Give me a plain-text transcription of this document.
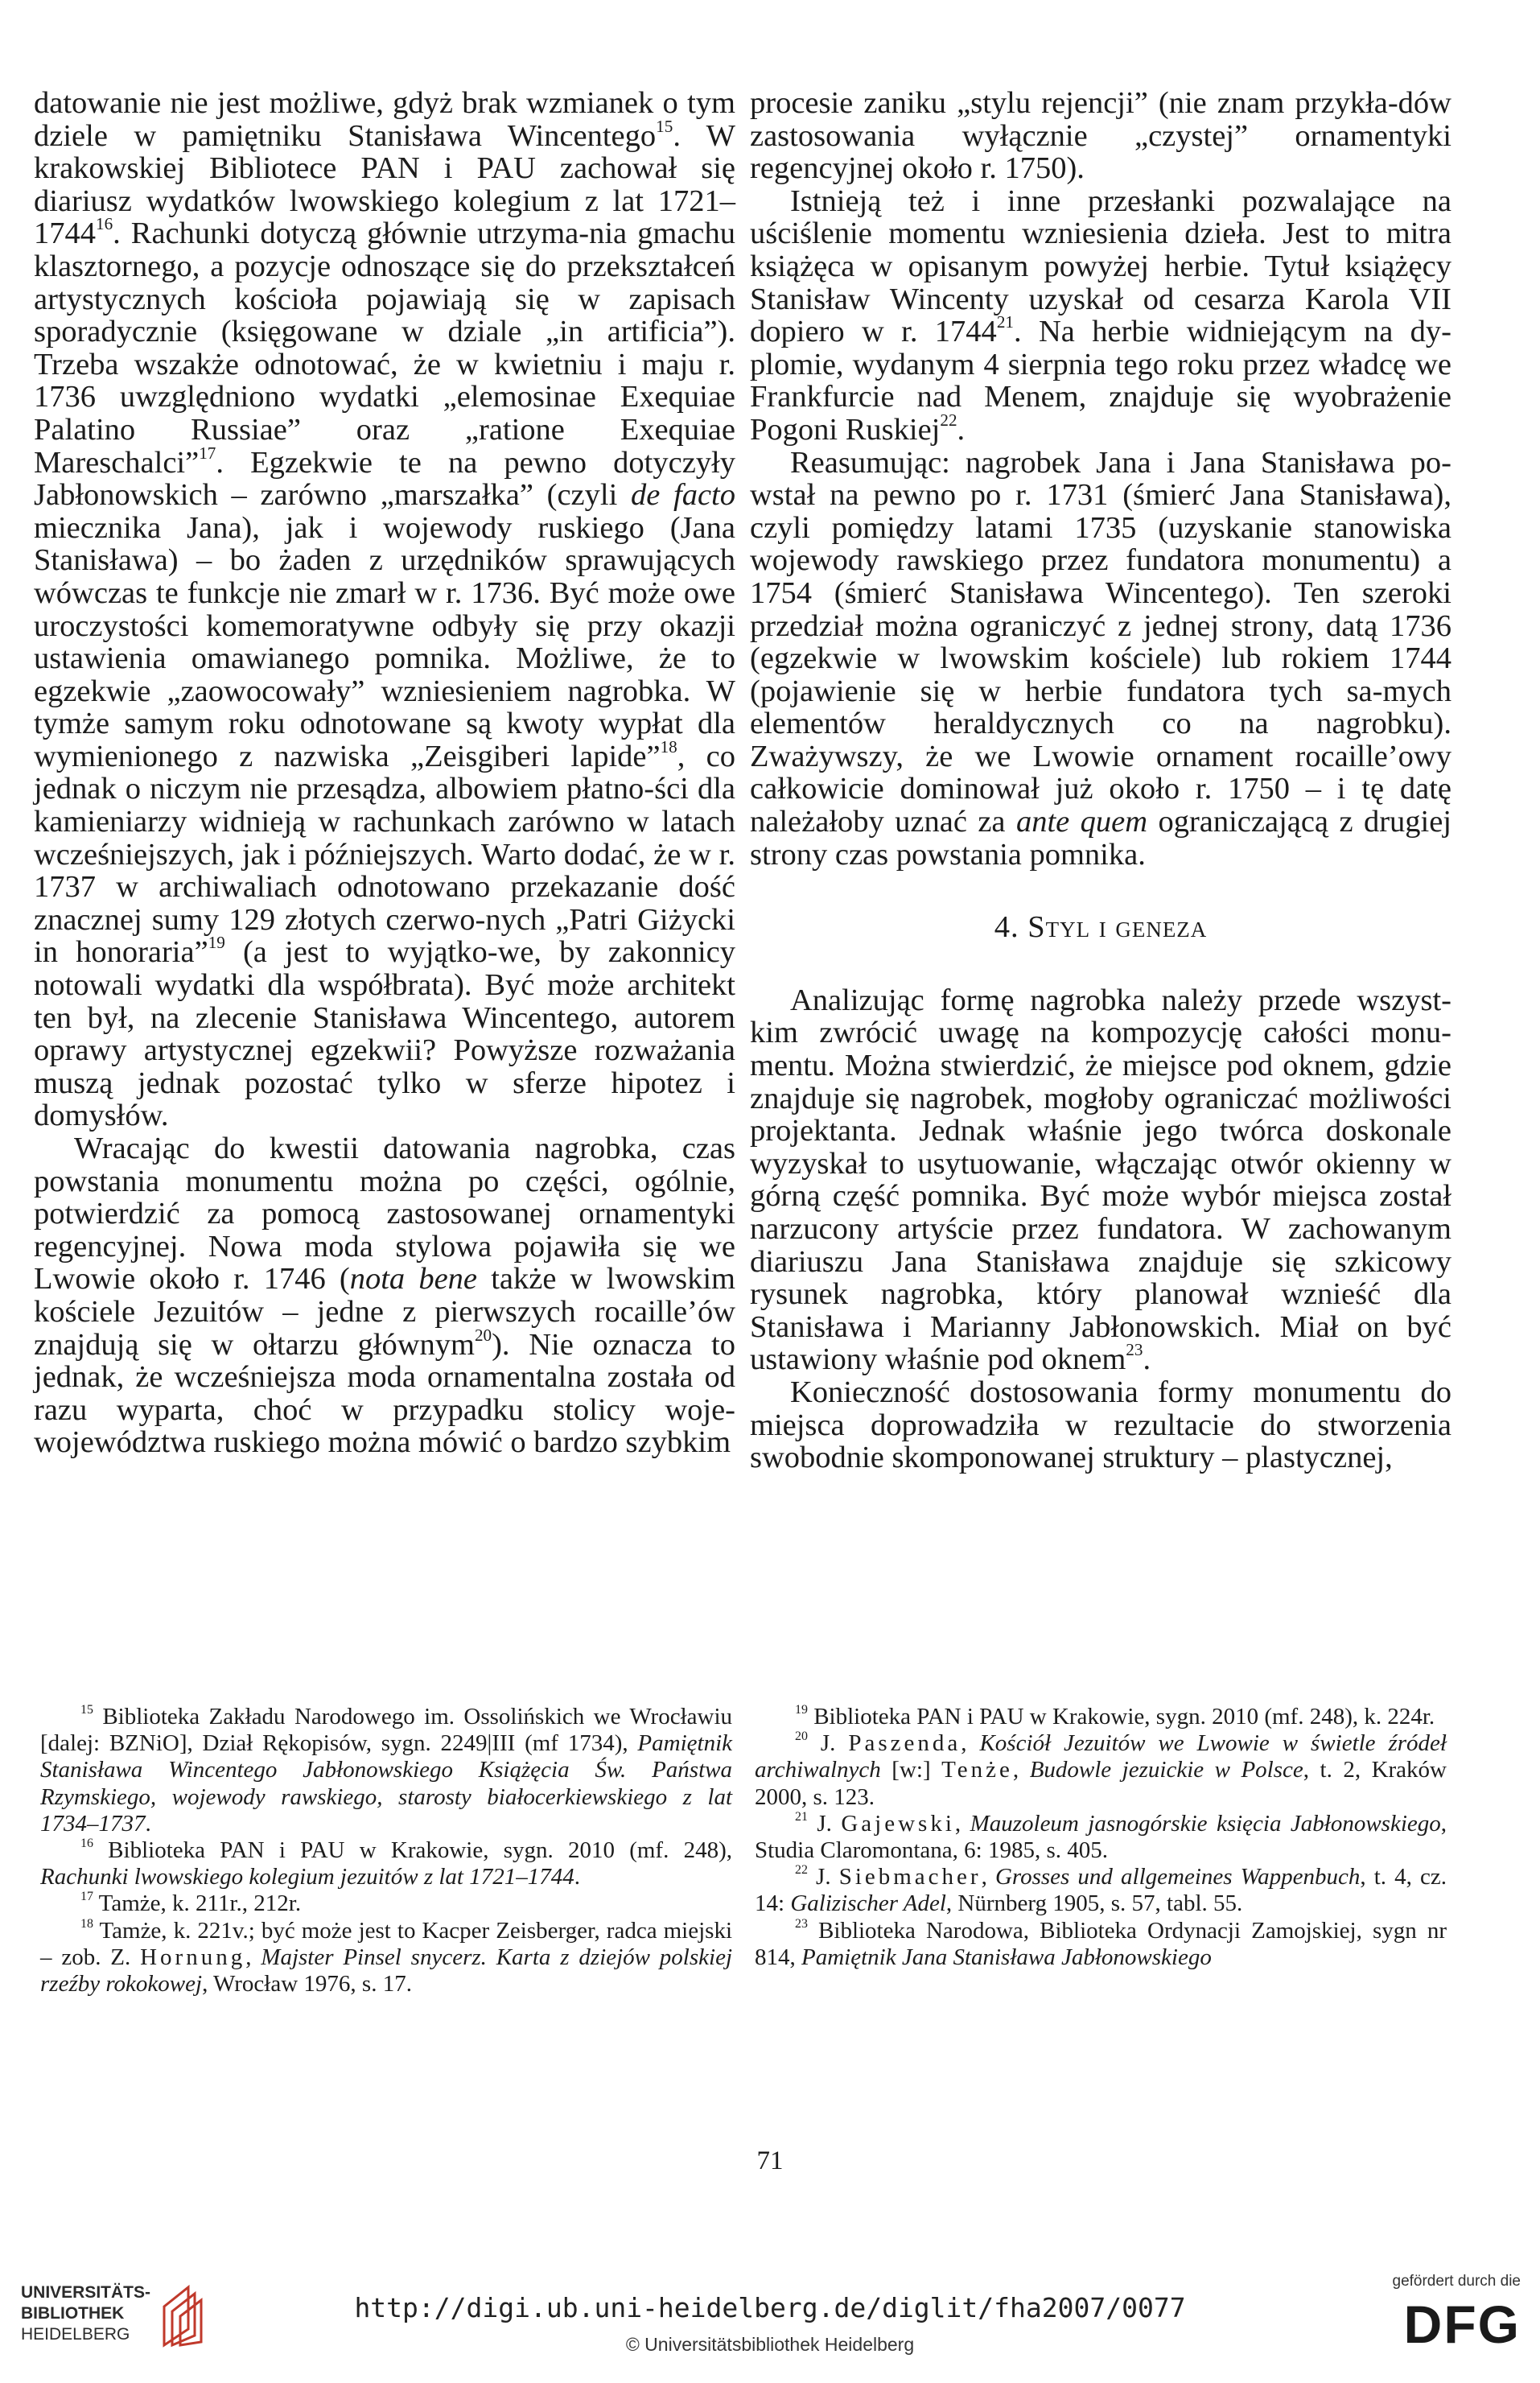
datowanie nie jest możliwe, gdyż brak wzmianek o tym dziele w pamiętniku Stanisława Wincentego$^{15}$. W krakowskiej Bibliotece PAN i PAU zachował się diariusz wydatków lwowskiego kolegium z lat 1721–1744$^{16}$. Rachunki dotyczą głównie utrzyma-nia gmachu klasztornego, a pozycje odnoszące się do przekształceń artystycznych kościoła pojawiają się w zapisach sporadycznie (księgowane w dziale „in artificia”). Trzeba wszakże odnotować, że w kwietniu i maju r. 1736 uwzględniono wydatki „elemosinae Exequiae Palatino Russiae” oraz „ratione Exequiae Mareschalci”$^{17}$. Egzekwie te na pewno dotyczyły Jabłonowskich – zarówno „marszałka” (czyli de facto miecznika Jana), jak i wojewody ruskiego (Jana Stanisława) – bo żaden z urzędników sprawujących wówczas te funkcje nie zmarł w r. 1736. Być może owe uroczystości komemoratywne odbyły się przy okazji ustawienia omawianego pomnika. Możliwe, że to egzekwie „zaowocowały” wzniesieniem nagrobka. W tymże samym roku odnotowane są kwoty wypłat dla wymienionego z nazwiska „Zeisgiberi lapide”$^{18}$, co jednak o niczym nie przesądza, albowiem płatno-ści dla kamieniarzy widnieją w rachunkach zarówno w latach wcześniejszych, jak i późniejszych. Warto dodać, że w r. 1737 w archiwaliach odnotowano przekazanie dość znacznej sumy 129 złotych czerwo-nych „Patri Giżycki in honoraria”$^{19}$ (a jest to wyjątko-we, by zakonnicy notowali wydatki dla współbrata). Być może architekt ten był, na zlecenie Stanisława Wincentego, autorem oprawy artystycznej egzekwii? Powyższe rozważania muszą jednak pozostać tylko w sferze hipotez i domysłów.

Wracając do kwestii datowania nagrobka, czas powstania monumentu można po części, ogólnie, potwierdzić za pomocą zastosowanej ornamentyki regencyjnej. Nowa moda stylowa pojawiła się we Lwowie około r. 1746 (nota bene także w lwowskim kościele Jezuitów – jedne z pierwszych rocaille’ów znajdują się w ołtarzu głównym$^{20}$). Nie oznacza to jednak, że wcześniejsza moda ornamentalna została od razu wyparta, choć w przypadku stolicy woje-województwa ruskiego można mówić o bardzo szybkim

procesie zaniku „stylu rejencji” (nie znam przykła-dów zastosowania wyłącznie „czystej” ornamentyki regencyjnej około r. 1750).

Istnieją też i inne przesłanki pozwalające na uściślenie momentu wzniesienia dzieła. Jest to mitra książęca w opisanym powyżej herbie. Tytuł książęcy Stanisław Wincenty uzyskał od cesarza Karola VII dopiero w r. 1744$^{21}$. Na herbie widniejącym na dy-plomie, wydanym 4 sierpnia tego roku przez władcę we Frankfurcie nad Menem, znajduje się wyobrażenie Pogoni Ruskiej$^{22}$.

Reasumując: nagrobek Jana i Jana Stanisława po-wstał na pewno po r. 1731 (śmierć Jana Stanisława), czyli pomiędzy latami 1735 (uzyskanie stanowiska wojewody rawskiego przez fundatora monumentu) a 1754 (śmierć Stanisława Wincentego). Ten szeroki przedział można ograniczyć z jednej strony, datą 1736 (egzekwie w lwowskim kościele) lub rokiem 1744 (pojawienie się w herbie fundatora tych sa-mych elementów heraldycznych co na nagrobku). Zważywszy, że we Lwowie ornament rocaille’owy całkowicie dominował już około r. 1750 – i tę datę należałoby uznać za ante quem ograniczającą z drugiej strony czas powstania pomnika.

4. Styl i geneza

Analizując formę nagrobka należy przede wszyst-kim zwrócić uwagę na kompozycję całości monu-mentu. Można stwierdzić, że miejsce pod oknem, gdzie znajduje się nagrobek, mogłoby ograniczać możliwości projektanta. Jednak właśnie jego twórca doskonale wyzyskał to usytuowanie, włączając otwór okienny w górną część pomnika. Być może wybór miejsca został narzucony artyście przez fundatora. W zachowanym diariuszu Jana Stanisława znajduje się szkicowy rysunek nagrobka, który planował wznieść dla Stanisława i Marianny Jabłonowskich. Miał on być ustawiony właśnie pod oknem$^{23}$.

Konieczność dostosowania formy monumentu do miejsca doprowadziła w rezultacie do stworzenia swobodnie skomponowanej struktury – plastycznej,

$^{15}$ Biblioteka Zakładu Narodowego im. Ossolińskich we Wrocławiu [dalej: BZNiO], Dział Rękopisów, sygn. 2249|III (mf 1734), Pamiętnik Stanisława Wincentego Jabłonowskiego Książęcia Św. Państwa Rzymskiego, wojewody rawskiego, starosty białocerkiewskiego z lat 1734–1737.

$^{16}$ Biblioteka PAN i PAU w Krakowie, sygn. 2010 (mf. 248), Rachunki lwowskiego kolegium jezuitów z lat 1721–1744.

$^{17}$ Tamże, k. 211r., 212r.

$^{18}$ Tamże, k. 221v.; być może jest to Kacper Zeisberger, radca miejski – zob. Z. Hornung, Majster Pinsel snycerz. Karta z dziejów polskiej rzeźby rokokowej, Wrocław 1976, s. 17.

$^{19}$ Biblioteka PAN i PAU w Krakowie, sygn. 2010 (mf. 248), k. 224r.

$^{20}$ J. Paszenda, Kościół Jezuitów we Lwowie w świetle źródeł archiwalnych [w:] Tenże, Budowle jezuickie w Polsce, t. 2, Kraków 2000, s. 123.

$^{21}$ J. Gajewski, Mauzoleum jasnogórskie księcia Jabłonowskiego, Studia Claromontana, 6: 1985, s. 405.

$^{22}$ J. Siebmacher, Grosses und allgemeines Wappenbuch, t. 4, cz. 14: Galizischer Adel, Nürnberg 1905, s. 57, tabl. 55.

$^{23}$ Biblioteka Narodowa, Biblioteka Ordynacji Zamojskiej, sygn nr 814, Pamiętnik Jana Stanisława Jabłonowskiego

71
UNIVERSITÄTS-
BIBLIOTHEK
HEIDELBERG
http://digi.ub.uni-heidelberg.de/diglit/fha2007/0077
© Universitätsbibliothek Heidelberg
gefördert durch die
DFG
